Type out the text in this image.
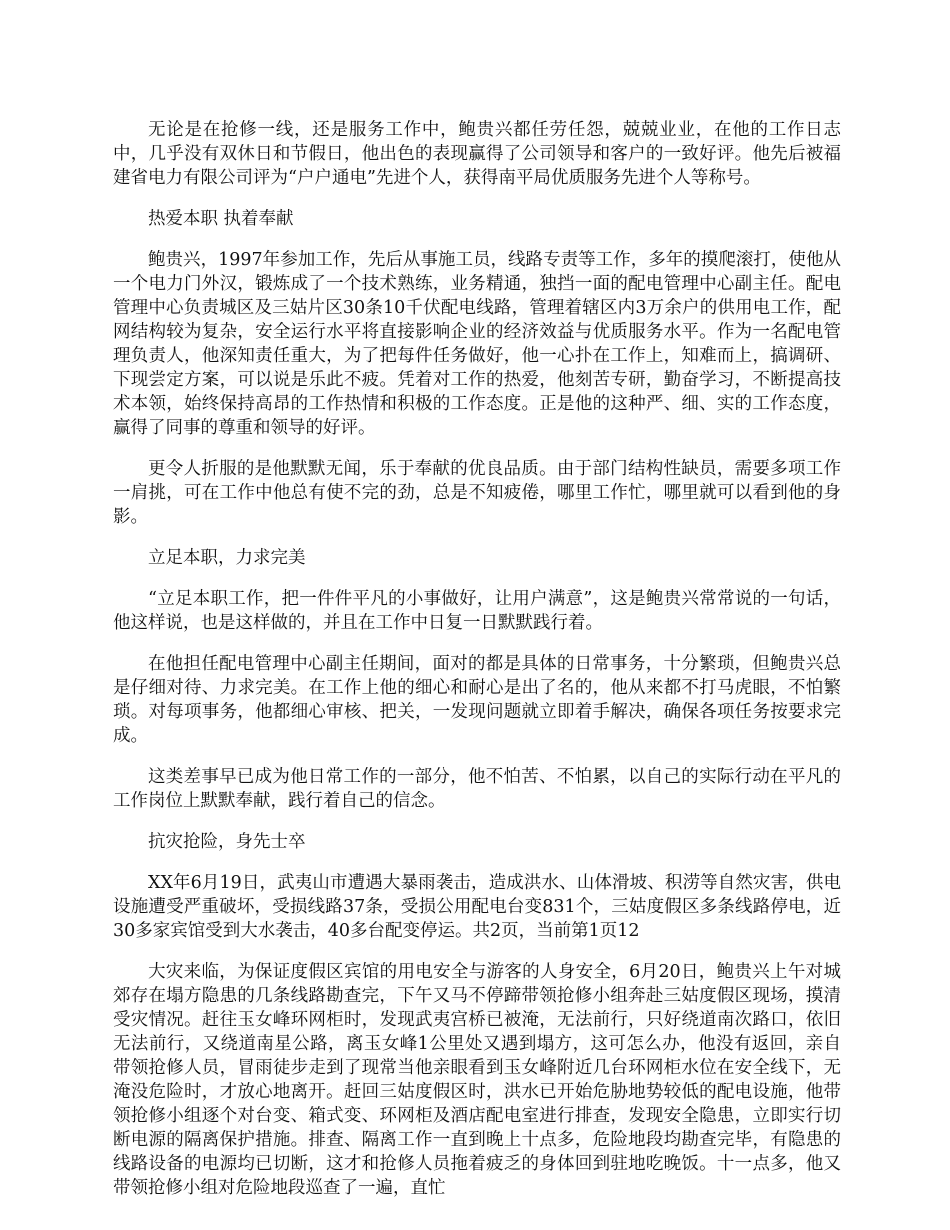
无论是在抢修一线，还是服务工作中，鲍贵兴都任劳任怨，兢兢业业，在他的工作日志中，几乎没有双休日和节假日，他出色的表现赢得了公司领导和客户的一致好评。他先后被福建省电力有限公司评为“户户通电”先进个人，获得南平局优质服务先进个人等称号。

热爱本职 执着奉献

鲍贵兴，1997年参加工作，先后从事施工员，线路专责等工作，多年的摸爬滚打，使他从一个电力门外汉，锻炼成了一个技术熟练，业务精通，独挡一面的配电管理中心副主任。配电管理中心负责城区及三姑片区30条10千伏配电线路，管理着辖区内3万余户的供用电工作，配网结构较为复杂，安全运行水平将直接影响企业的经济效益与优质服务水平。作为一名配电管理负责人，他深知责任重大，为了把每件任务做好，他一心扑在工作上，知难而上，搞调研、下现尝定方案，可以说是乐此不疲。凭着对工作的热爱，他刻苦专研，勤奋学习，不断提高技术本领，始终保持高昂的工作热情和积极的工作态度。正是他的这种严、细、实的工作态度，赢得了同事的尊重和领导的好评。

更令人折服的是他默默无闻，乐于奉献的优良品质。由于部门结构性缺员，需要多项工作一肩挑，可在工作中他总有使不完的劲，总是不知疲倦，哪里工作忙，哪里就可以看到他的身影。

立足本职，力求完美

“立足本职工作，把一件件平凡的小事做好，让用户满意”，这是鲍贵兴常常说的一句话，他这样说，也是这样做的，并且在工作中日复一日默默践行着。

在他担任配电管理中心副主任期间，面对的都是具体的日常事务，十分繁琐，但鲍贵兴总是仔细对待、力求完美。在工作上他的细心和耐心是出了名的，他从来都不打马虎眼，不怕繁琐。对每项事务，他都细心审核、把关，一发现问题就立即着手解决，确保各项任务按要求完成。

这类差事早已成为他日常工作的一部分，他不怕苦、不怕累，以自己的实际行动在平凡的工作岗位上默默奉献，践行着自己的信念。

抗灾抢险，身先士卒

XX年6月19日，武夷山市遭遇大暴雨袭击，造成洪水、山体滑坡、积涝等自然灾害，供电设施遭受严重破坏，受损线路37条，受损公用配电台变831个，三姑度假区多条线路停电，近30多家宾馆受到大水袭击，40多台配变停运。共2页，当前第1页12

大灾来临，为保证度假区宾馆的用电安全与游客的人身安全，6月20日，鲍贵兴上午对城郊存在塌方隐患的几条线路勘查完，下午又马不停蹄带领抢修小组奔赴三姑度假区现场，摸清受灾情况。赶往玉女峰环网柜时，发现武夷宫桥已被淹，无法前行，只好绕道南次路口，依旧无法前行，又绕道南星公路，离玉女峰1公里处又遇到塌方，这可怎么办，他没有返回，亲自带领抢修人员，冒雨徒步走到了现常当他亲眼看到玉女峰附近几台环网柜水位在安全线下，无淹没危险时，才放心地离开。赶回三姑度假区时，洪水已开始危胁地势较低的配电设施，他带领抢修小组逐个对台变、箱式变、环网柜及酒店配电室进行排查，发现安全隐患，立即实行切断电源的隔离保护措施。排查、隔离工作一直到晚上十点多，危险地段均勘查完毕，有隐患的线路设备的电源均已切断，这才和抢修人员拖着疲乏的身体回到驻地吃晚饭。十一点多，他又带领抢修小组对危险地段巡查了一遍，直忙
